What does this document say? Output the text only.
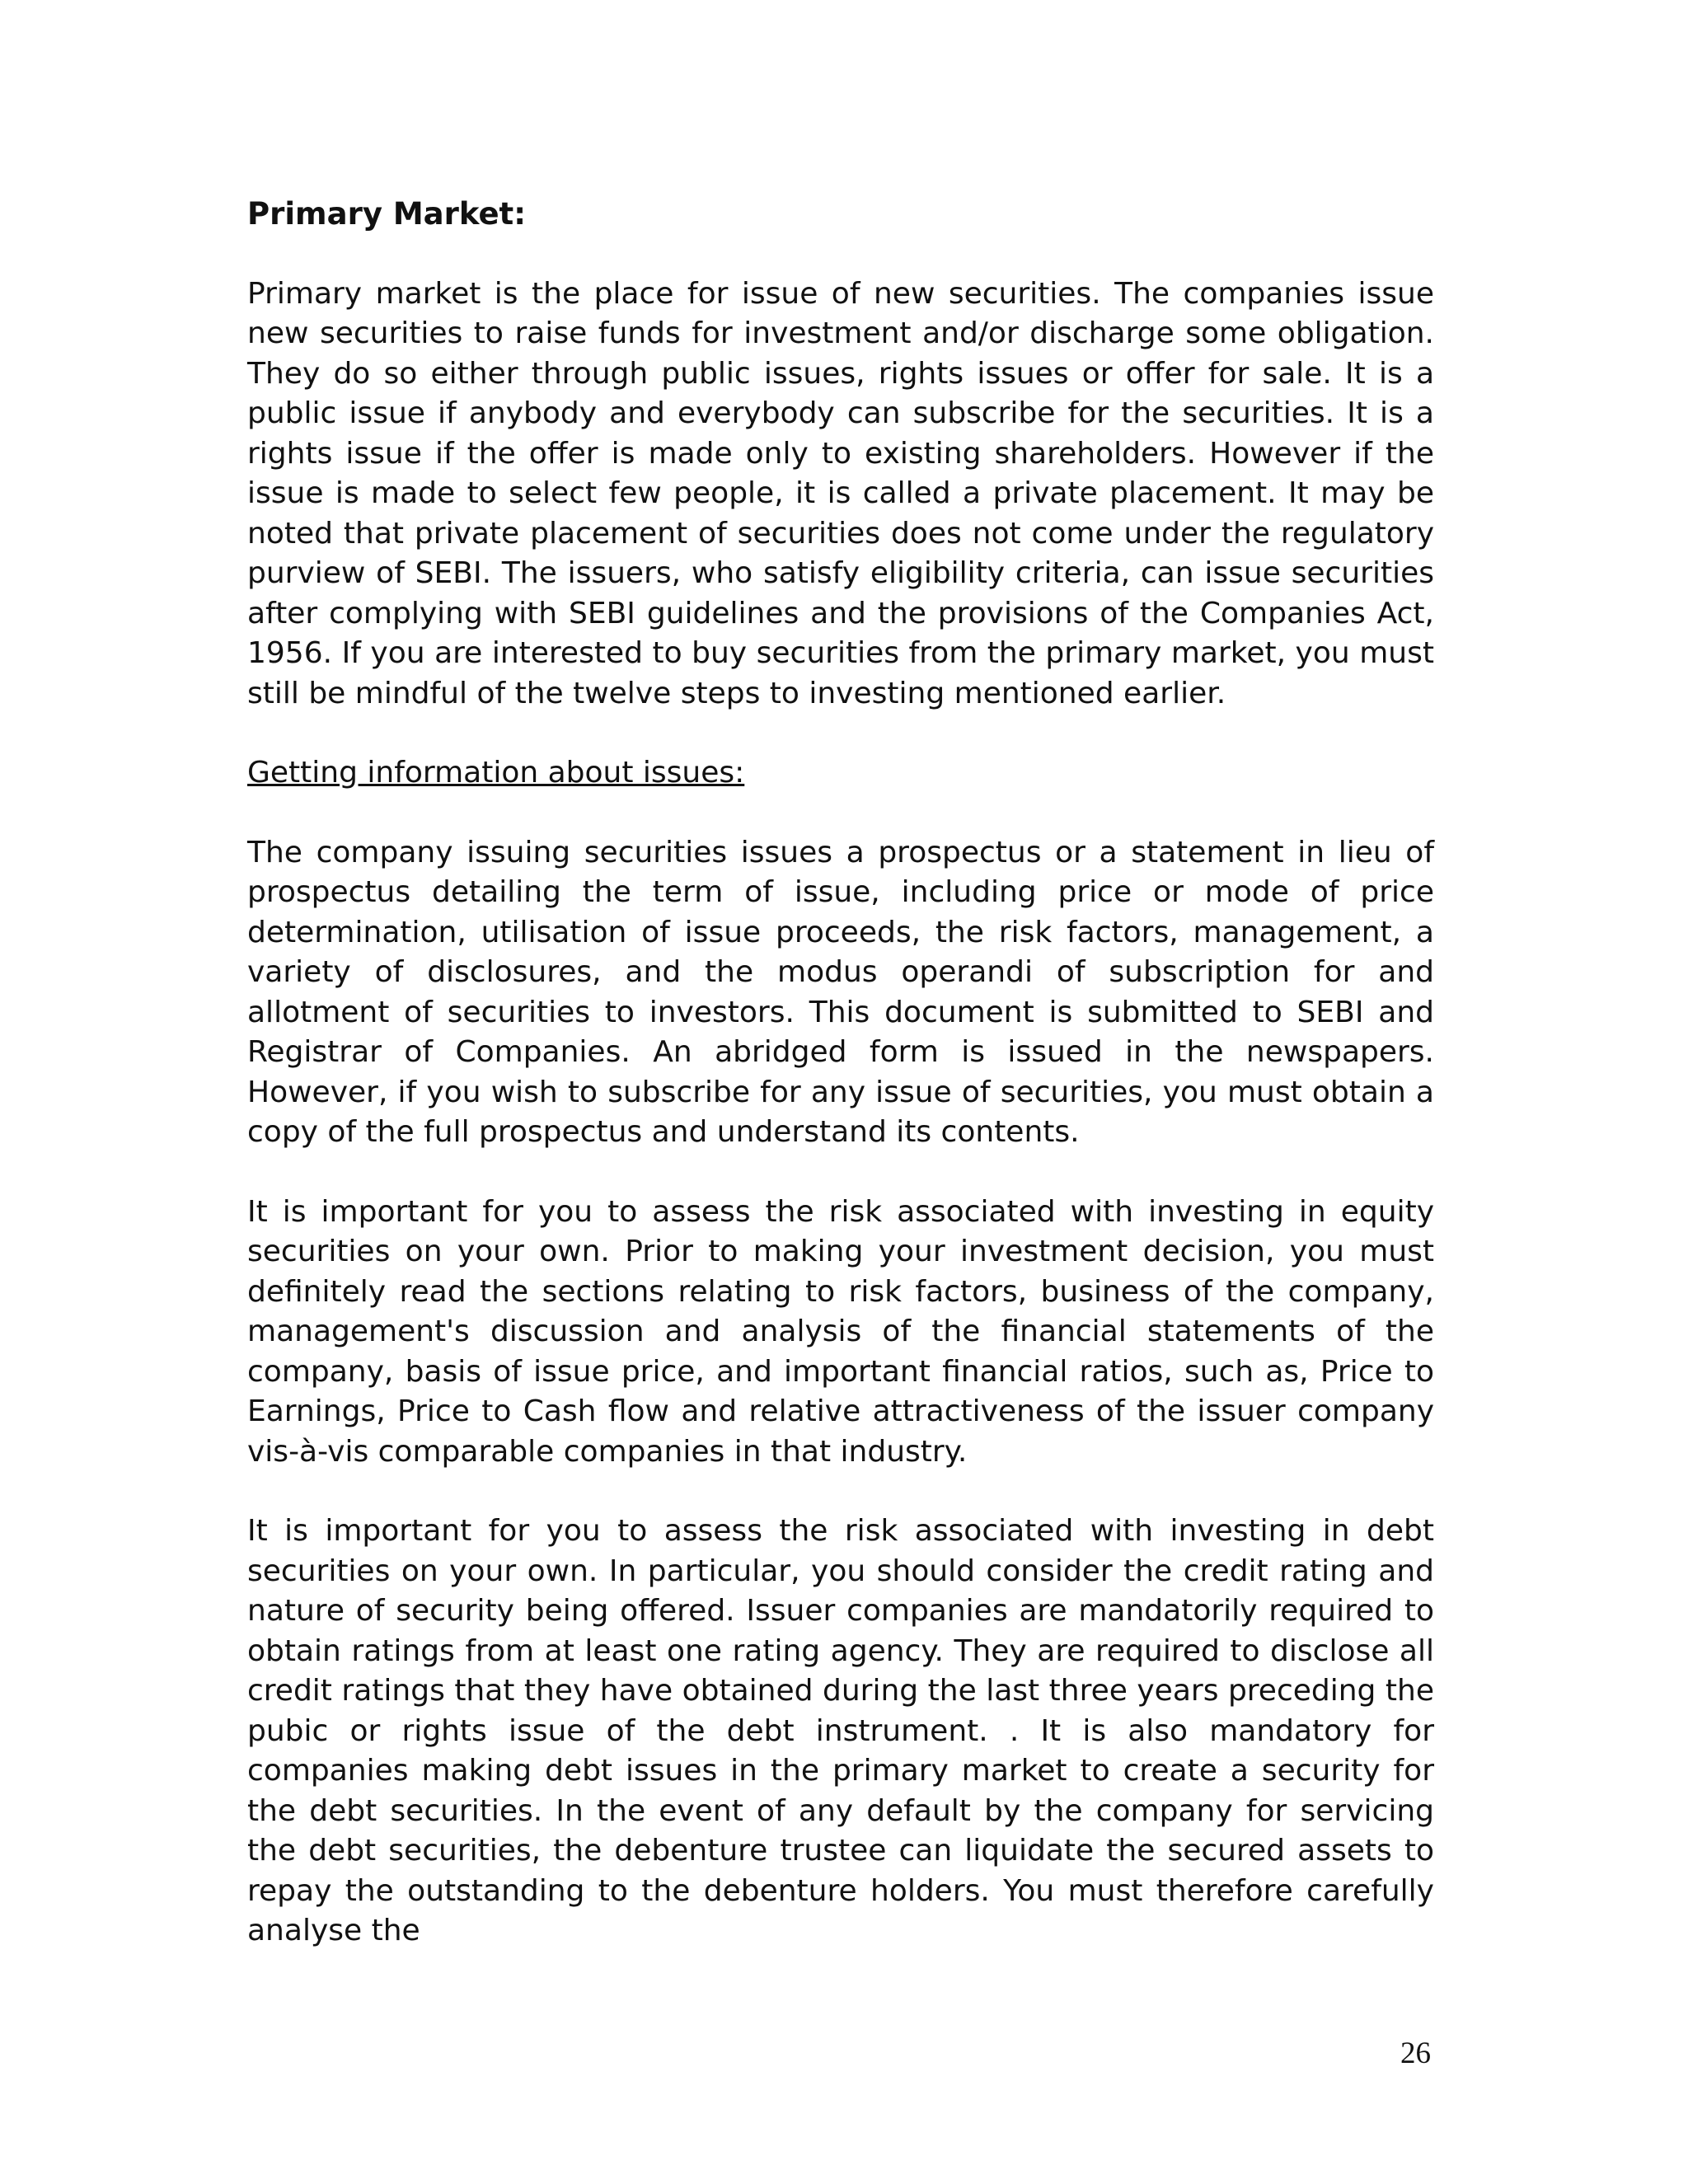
Primary Market:
Primary market is the place for issue of new securities. The companies issue new securities to raise funds for investment and/or discharge some obligation. They do so either through public issues, rights issues or offer for sale. It is a public issue if anybody and everybody can subscribe for the securities. It is a rights issue if the offer is made only to existing shareholders. However if the issue is made to select few people, it is called a private placement. It may be noted that private placement of securities does not come under the regulatory purview of SEBI. The issuers, who satisfy eligibility criteria, can issue securities after complying with SEBI guidelines and the provisions of the Companies Act, 1956. If you are interested to buy securities from the primary market, you must still be mindful of the twelve steps to investing mentioned earlier.
Getting information about issues:
The company issuing securities issues a prospectus or a statement in lieu of prospectus detailing the term of issue, including price or mode of price determination, utilisation of issue proceeds, the risk factors, management, a variety of disclosures, and the modus operandi of subscription for and allotment of securities to investors. This document is submitted to SEBI and Registrar of Companies. An abridged form is issued in the newspapers. However, if you wish to subscribe for any issue of securities, you must obtain a copy of the full prospectus and understand its contents.
It is important for you to assess the risk associated with investing in equity securities on your own. Prior to making your investment decision, you must definitely read the sections relating to risk factors, business of the company, management's discussion and analysis of the financial statements of the company, basis of issue price, and important financial ratios, such as, Price to Earnings, Price to Cash flow and relative attractiveness of the issuer company vis-à-vis comparable companies in that industry.
It is important for you to assess the risk associated with investing in debt securities on your own. In particular, you should consider the credit rating and nature of security being offered. Issuer companies are mandatorily required to obtain ratings from at least one rating agency. They are required to disclose all credit ratings that they have obtained during the last three years preceding the pubic or rights issue of the debt instrument. . It is also mandatory for companies making debt issues in the primary market to create a security for the debt securities. In the event of any default by the company for servicing the debt securities, the debenture trustee can liquidate the secured assets to repay the outstanding to the debenture holders. You must therefore carefully analyse the
26
